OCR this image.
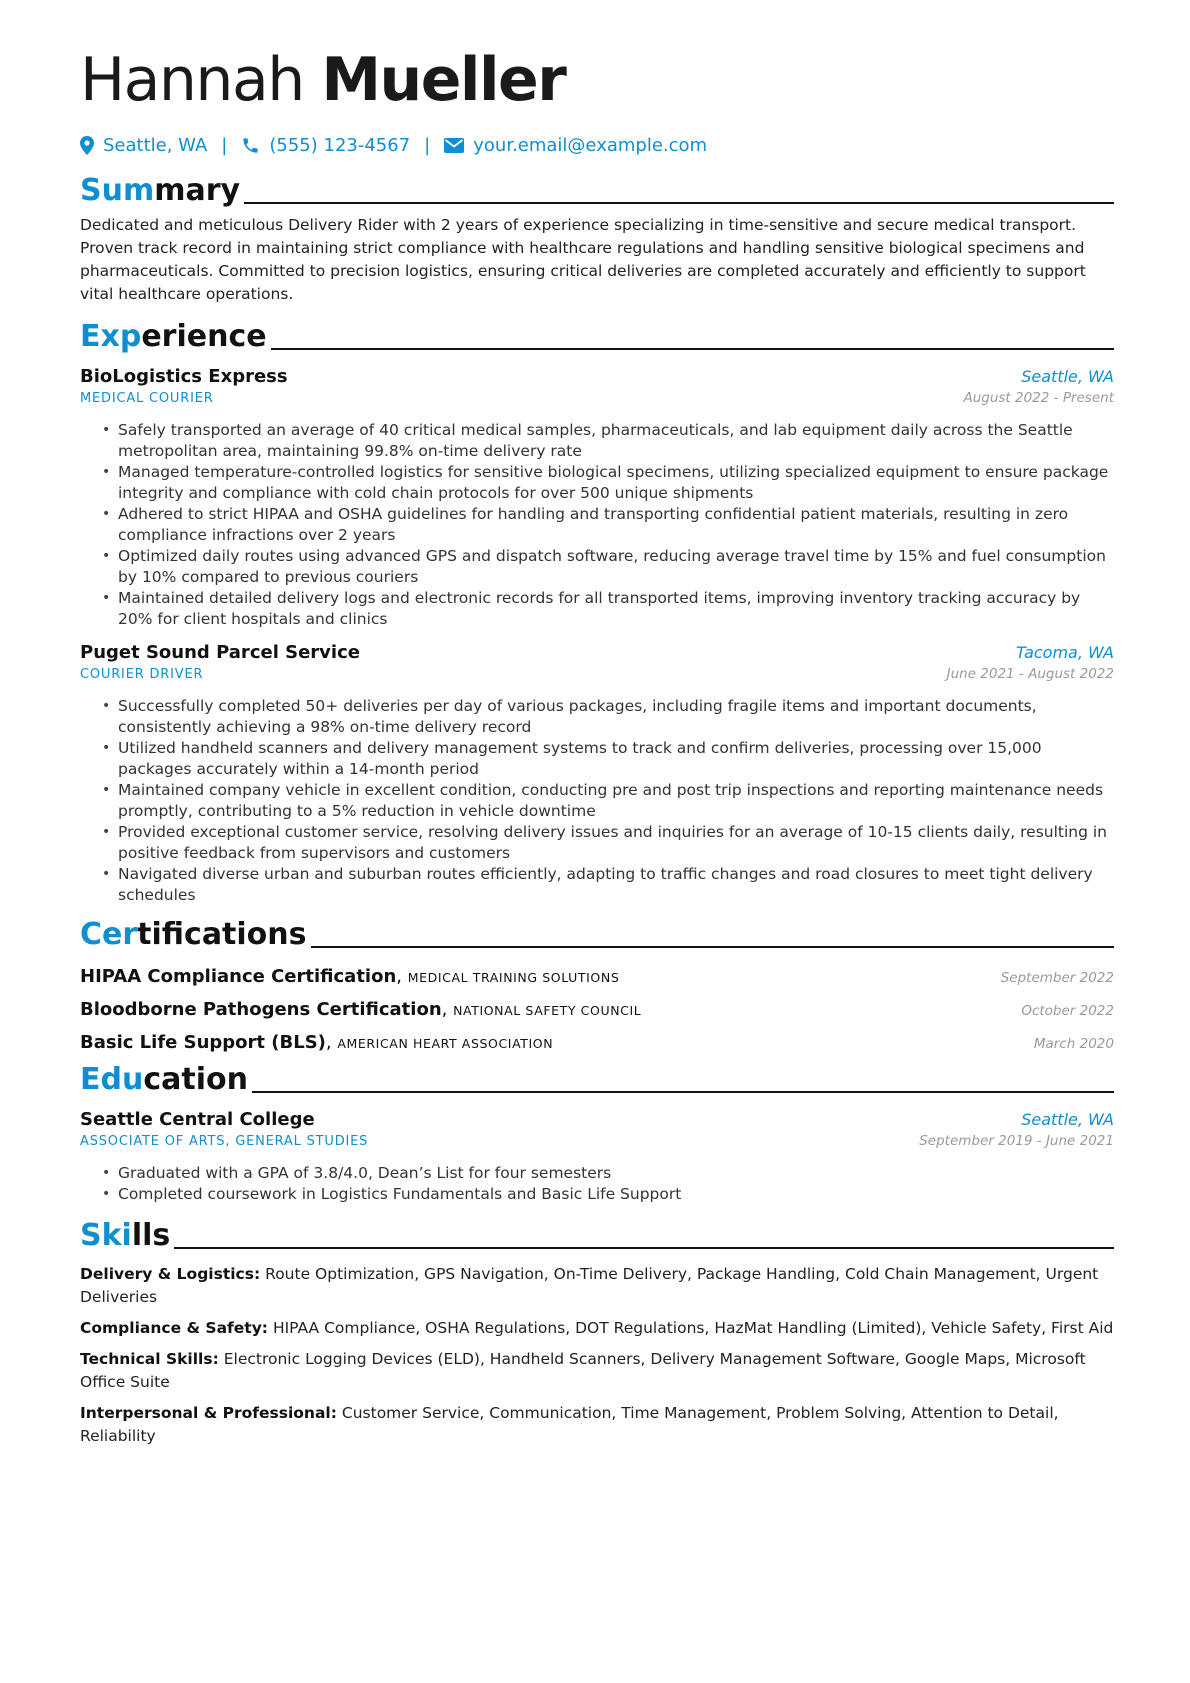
Hannah Mueller
Seattle, WA | (555) 123-4567 | your.email@example.com
Summary

Dedicated and meticulous Delivery Rider with 2 years of experience specializing in time-sensitive and secure medical transport. Proven track record in maintaining strict compliance with healthcare regulations and handling sensitive biological specimens and pharmaceuticals. Committed to precision logistics, ensuring critical deliveries are completed accurately and efficiently to support vital healthcare operations.

Experience
BioLogistics Express	Seattle, WA
MEDICAL COURIER	August 2022 - Present
• Safely transported an average of 40 critical medical samples, pharmaceuticals, and lab equipment daily across the Seattle metropolitan area, maintaining 99.8% on-time delivery rate
• Managed temperature-controlled logistics for sensitive biological specimens, utilizing specialized equipment to ensure package integrity and compliance with cold chain protocols for over 500 unique shipments
• Adhered to strict HIPAA and OSHA guidelines for handling and transporting confidential patient materials, resulting in zero compliance infractions over 2 years
• Optimized daily routes using advanced GPS and dispatch software, reducing average travel time by 15% and fuel consumption by 10% compared to previous couriers
• Maintained detailed delivery logs and electronic records for all transported items, improving inventory tracking accuracy by 20% for client hospitals and clinics
Puget Sound Parcel Service	Tacoma, WA
COURIER DRIVER	June 2021 - August 2022
• Successfully completed 50+ deliveries per day of various packages, including fragile items and important documents, consistently achieving a 98% on-time delivery record
• Utilized handheld scanners and delivery management systems to track and confirm deliveries, processing over 15,000 packages accurately within a 14-month period
• Maintained company vehicle in excellent condition, conducting pre and post trip inspections and reporting maintenance needs promptly, contributing to a 5% reduction in vehicle downtime
• Provided exceptional customer service, resolving delivery issues and inquiries for an average of 10-15 clients daily, resulting in positive feedback from supervisors and customers
• Navigated diverse urban and suburban routes efficiently, adapting to traffic changes and road closures to meet tight delivery schedules
Certifications
HIPAA Compliance Certification, MEDICAL TRAINING SOLUTIONS	September 2022
Bloodborne Pathogens Certification, NATIONAL SAFETY COUNCIL	October 2022
Basic Life Support (BLS), AMERICAN HEART ASSOCIATION	March 2020
Education
Seattle Central College	Seattle, WA
ASSOCIATE OF ARTS, GENERAL STUDIES	September 2019 - June 2021
• Graduated with a GPA of 3.8/4.0, Dean’s List for four semesters
• Completed coursework in Logistics Fundamentals and Basic Life Support
Skills
Delivery & Logistics: Route Optimization, GPS Navigation, On-Time Delivery, Package Handling, Cold Chain Management, Urgent Deliveries
Compliance & Safety: HIPAA Compliance, OSHA Regulations, DOT Regulations, HazMat Handling (Limited), Vehicle Safety, First Aid
Technical Skills: Electronic Logging Devices (ELD), Handheld Scanners, Delivery Management Software, Google Maps, Microsoft Office Suite
Interpersonal & Professional: Customer Service, Communication, Time Management, Problem Solving, Attention to Detail, Reliability
